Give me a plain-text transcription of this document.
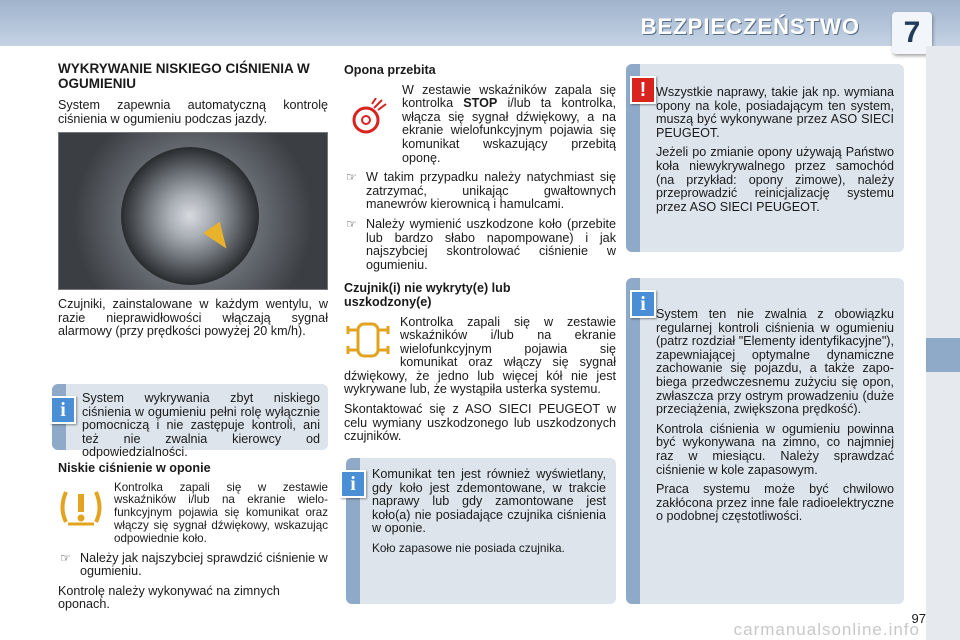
BEZPIECZEŃSTWO	7
WYKRYWANIE NISKIEGO CIŚNIENIA W OGUMIENIU

System zapewnia automatyczną kontrolę ciśnienia w ogumieniu podczas jazdy.

Czujniki, zainstalowane w każdym wentylu, w razie nieprawidłowości włączają sygnał alarmowy (przy prędkości powyżej 20 km/h).

System wykrywania zbyt niskiego ciśnienia w ogumieniu pełni rolę wyłącznie pomocniczą i nie zastępuje kontroli, ani też nie zwalnia kierowcy od odpowiedzialności.

i
Niskie ciśnienie w oponie
Kontrolka zapali się w zestawie wskaźników i/lub na ekranie wielofunkcyjnym pojawia się komunikat oraz włączy się sygnał dźwiękowy, wskazując odpowiednie koło.
☞ Należy jak najszybciej sprawdzić ciśnienie w ogumieniu.

Kontrolę należy wykonywać na zimnych oponach.

Opona przebita
W zestawie wskaźników zapala się kontrolka STOP i/lub ta kontrolka, włącza się sygnał dźwiękowy, a na ekranie wielofunkcyjnym pojawia się komunikat wskazujący przebitą oponę.
☞ W takim przypadku należy natychmiast się zatrzymać, unikając gwałtownych manewrów kierownicą i hamulcami.
☞ Należy wymienić uszkodzone koło (przebite lub bardzo słabo napompowane) i jak najszybciej skontrolować ciśnienie w ogumieniu.
Czujnik(i) nie wykryty(e) lub uszkodzony(e)

Kontrolka zapali się w zestawie wskaźników i/lub na ekranie wielofunkcyjnym pojawia się komunikat oraz włączy się sygnał dźwiękowy, że jedno lub więcej kół nie jest wykrywane lub, że wystąpiła usterka systemu.

Skontaktować się z ASO SIECI PEUGEOT w celu wymiany uszkodzonego lub uszkodzonych czujników.

Komunikat ten jest również wyświetlany, gdy koło jest zdemontowane, w trakcie naprawy lub gdy zamontowane jest koło(a) nie posiadające czujnika ciśnienia w oponie.

Koło zapasowe nie posiada czujnika.

i

Wszystkie naprawy, takie jak np. wymiana opony na kole, posiadającym ten system, muszą być wykonywane przez ASO SIECI PEUGEOT.

Jeżeli po zmianie opony używają Państwo koła niewykrywalnego przez samochód (na przykład: opony zimowe), należy przeprowadzić reinicjalizację systemu przez ASO SIECI PEUGEOT.

!

System ten nie zwalnia z obowiązku regularnej kontroli ciśnienia w ogumieniu (patrz rozdział "Elementy identyfikacyjne"), zapewniającej optymalne dynamiczne zachowanie się pojazdu, a także zapobiega przedwczesnemu zużyciu się opon, zwłaszcza przy ostrym prowadzeniu (duże przeciążenia, zwiększona prędkość).

Kontrola ciśnienia w ogumieniu powinna być wykonywana na zimno, co najmniej raz w miesiącu. Należy sprawdzać ciśnienie w kole zapasowym.

Praca systemu może być chwilowo zakłócona przez inne fale radioelektryczne o podobnej częstotliwości.

i
97
carmanualsonline.info
